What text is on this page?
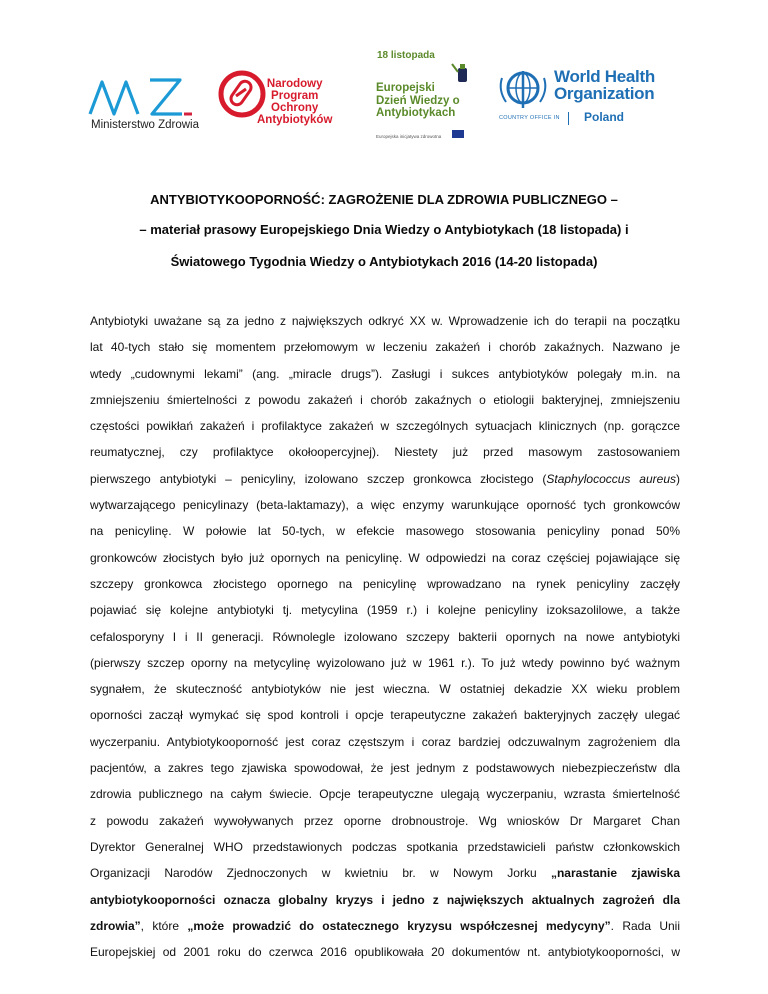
Ministerstwo Zdrowia
Narodowy
Program
Ochrony
Antybiotyków
18 listopada
Europejski
Dzień Wiedzy o
Antybiotykach
Europejska inicjatywa zdrowotna
World Health
Organization
COUNTRY OFFICE IN Poland
ANTYBIOTYKOOPORNOŚĆ: ZAGROŻENIE DLA ZDROWIA PUBLICZNEGO –
– materiał prasowy Europejskiego Dnia Wiedzy o Antybiotykach (18 listopada) i
Światowego Tygodnia Wiedzy o Antybiotykach 2016 (14-20 listopada)
Antybiotyki uważane są za jedno z największych odkryć XX w. Wprowadzenie ich do terapii na początku
lat 40-tych stało się momentem przełomowym w leczeniu zakażeń i chorób zakaźnych. Nazwano je
wtedy „cudownymi lekami” (ang. „miracle drugs”). Zasługi i sukces antybiotyków polegały m.in. na
zmniejszeniu śmiertelności z powodu zakażeń i chorób zakaźnych o etiologii bakteryjnej, zmniejszeniu
częstości powikłań zakażeń i profilaktyce zakażeń w szczególnych sytuacjach klinicznych (np. gorączce
reumatycznej, czy profilaktyce okołoopercyjnej). Niestety już przed masowym zastosowaniem
pierwszego antybiotyki – penicyliny, izolowano szczep gronkowca złocistego (Staphylococcus aureus)
wytwarzającego penicylinazy (beta-laktamazy), a więc enzymy warunkujące oporność tych gronkowców
na penicylinę. W połowie lat 50-tych, w efekcie masowego stosowania penicyliny ponad 50%
gronkowców złocistych było już opornych na penicylinę. W odpowiedzi na coraz częściej pojawiające się
szczepy gronkowca złocistego opornego na penicylinę wprowadzano na rynek penicyliny zaczęły
pojawiać się kolejne antybiotyki tj. metycylina (1959 r.) i kolejne penicyliny izoksazolilowe, a także
cefalosporyny I i II generacji. Równolegle izolowano szczepy bakterii opornych na nowe antybiotyki
(pierwszy szczep oporny na metycylinę wyizolowano już w 1961 r.). To już wtedy powinno być ważnym
sygnałem, że skuteczność antybiotyków nie jest wieczna. W ostatniej dekadzie XX wieku problem
oporności zaczął wymykać się spod kontroli i opcje terapeutyczne zakażeń bakteryjnych zaczęły ulegać
wyczerpaniu. Antybiotykooporność jest coraz częstszym i coraz bardziej odczuwalnym zagrożeniem dla
pacjentów, a zakres tego zjawiska spowodował, że jest jednym z podstawowych niebezpieczeństw dla
zdrowia publicznego na całym świecie. Opcje terapeutyczne ulegają wyczerpaniu, wzrasta śmiertelność
z powodu zakażeń wywoływanych przez oporne drobnoustroje. Wg wniosków Dr Margaret Chan
Dyrektor Generalnej WHO przedstawionych podczas spotkania przedstawicieli państw członkowskich
Organizacji Narodów Zjednoczonych w kwietniu br. w Nowym Jorku „narastanie zjawiska
antybiotykooporności oznacza globalny kryzys i jedno z największych aktualnych zagrożeń dla
zdrowia”, które „może prowadzić do ostatecznego kryzysu współczesnej medycyny”. Rada Unii
Europejskiej od 2001 roku do czerwca 2016 opublikowała 20 dokumentów nt. antybiotykooporności, w
